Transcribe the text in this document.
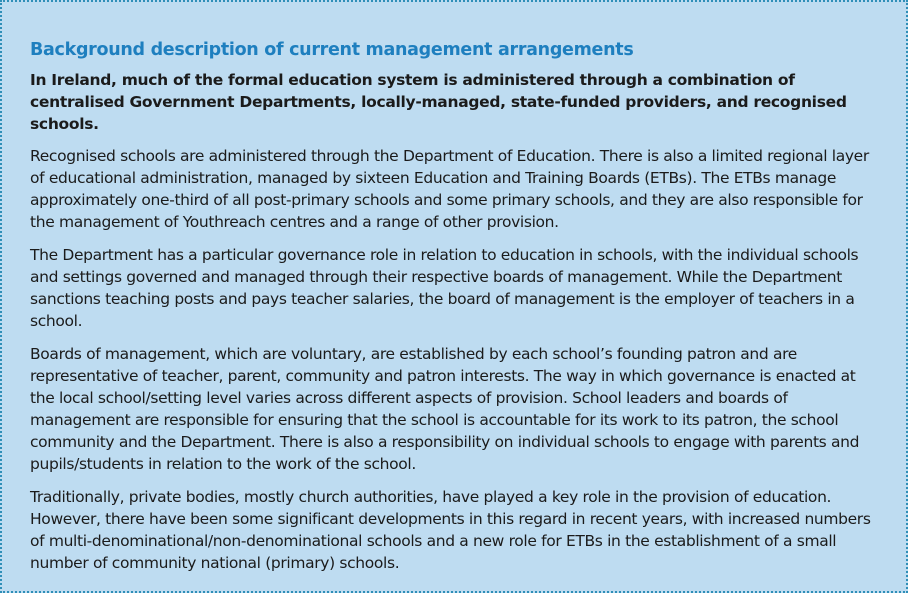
Background description of current management arrangements

In Ireland, much of the formal education system is administered through a combination of centralised Government Departments, locally-managed, state-funded providers, and recognised schools.

Recognised schools are administered through the Department of Education. There is also a limited regional layer of educational administration, managed by sixteen Education and Training Boards (ETBs). The ETBs manage approximately one-third of all post-primary schools and some primary schools, and they are also responsible for the management of Youthreach centres and a range of other provision.

The Department has a particular governance role in relation to education in schools, with the individual schools and settings governed and managed through their respective boards of management. While the Department sanctions teaching posts and pays teacher salaries, the board of management is the employer of teachers in a school.

Boards of management, which are voluntary, are established by each school’s founding patron and are representative of teacher, parent, community and patron interests. The way in which governance is enacted at the local school/setting level varies across different aspects of provision. School leaders and boards of management are responsible for ensuring that the school is accountable for its work to its patron, the school community and the Department. There is also a responsibility on individual schools to engage with parents and pupils/students in relation to the work of the school.

Traditionally, private bodies, mostly church authorities, have played a key role in the provision of education. However, there have been some significant developments in this regard in recent years, with increased numbers of multi-denominational/non-denominational schools and a new role for ETBs in the establishment of a small number of community national (primary) schools.
